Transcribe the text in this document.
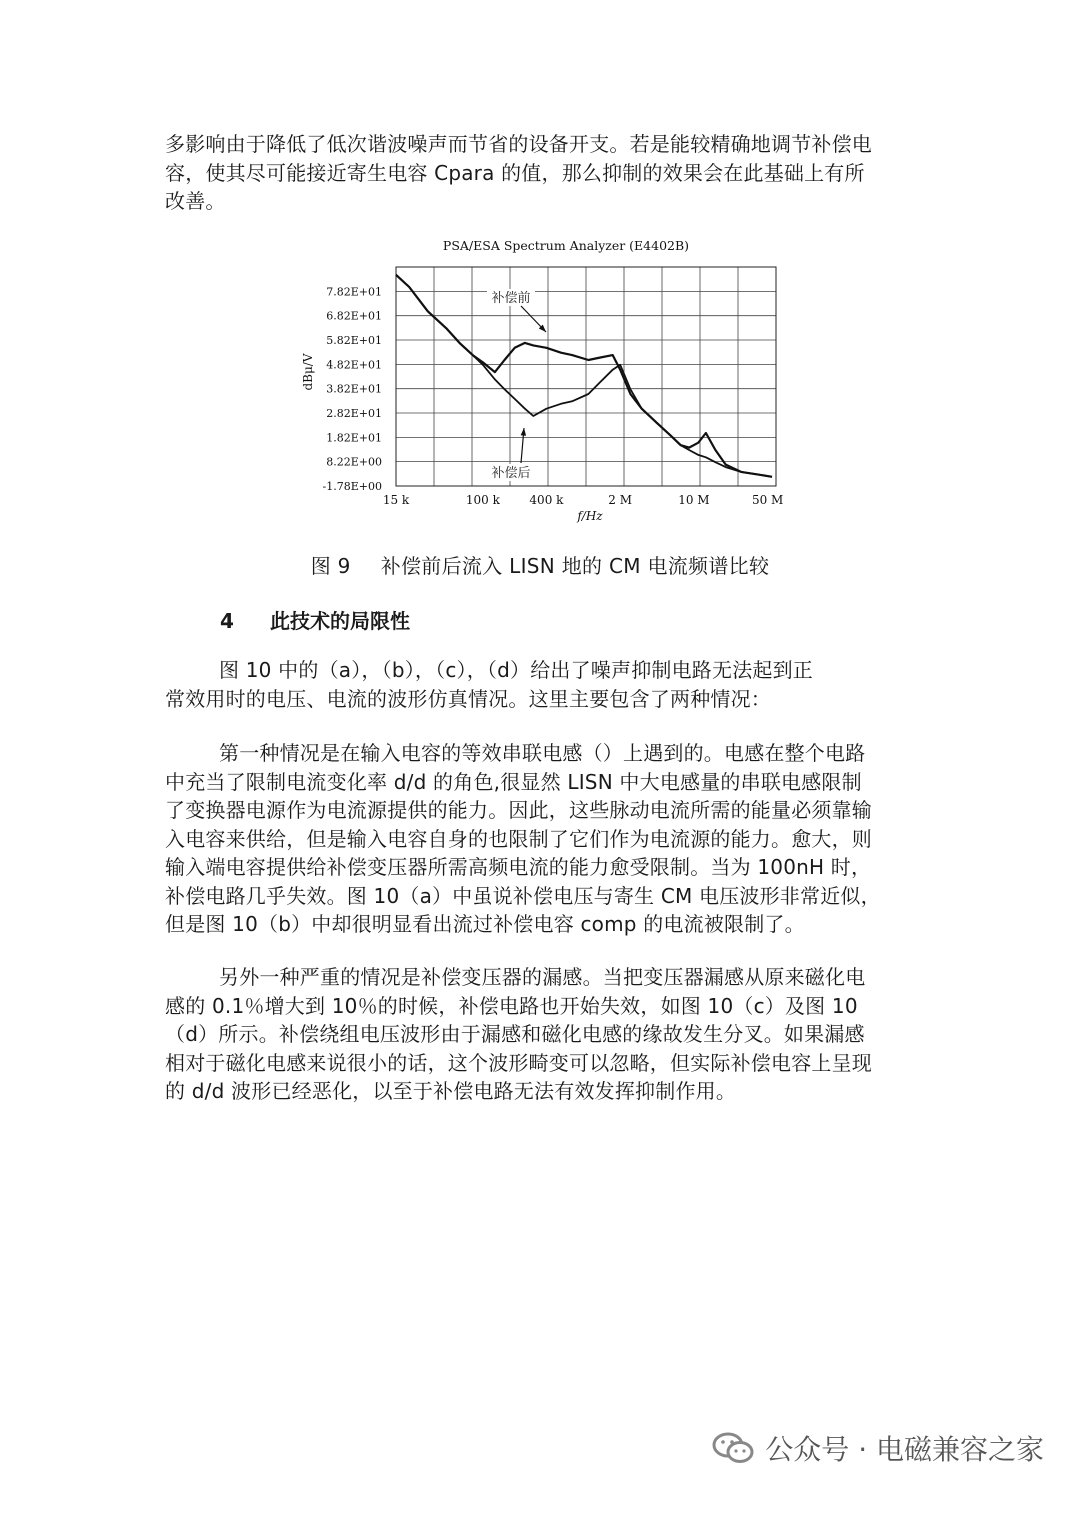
多影响由于降低了低次谐波噪声而节省的设备开支。若是能较精确地调节补偿电
容，使其尽可能接近寄生电容 Cpara 的值，那么抑制的效果会在此基础上有所
改善。

PSA/ESA Spectrum Analyzer (E4402B)
-1.78E+00
8.22E+00
1.82E+01
2.82E+01
3.82E+01
4.82E+01
5.82E+01
6.82E+01
7.82E+01
15 k	100 k 400 k	2 M	10 M	50 M
dBμ/V
f/Hz
补偿前
补偿后
图 9 补偿前后流入 LISN 地的 CM 电流频谱比较
4 此技术的局限性

图 10 中的（a），（b），（c），（d）给出了噪声抑制电路无法起到正
常效用时的电压、电流的波形仿真情况。这里主要包含了两种情况：

第一种情况是在输入电容的等效串联电感（）上遇到的。电感在整个电路
中充当了限制电流变化率 d/d 的角色,很显然 LISN 中大电感量的串联电感限制
了变换器电源作为电流源提供的能力。因此，这些脉动电流所需的能量必须靠输
入电容来供给，但是输入电容自身的也限制了它们作为电流源的能力。愈大，则
输入端电容提供给补偿变压器所需高频电流的能力愈受限制。当为 100nH 时，
补偿电路几乎失效。图 10（a）中虽说补偿电压与寄生 CM 电压波形非常近似，
但是图 10（b）中却很明显看出流过补偿电容 comp 的电流被限制了。

另外一种严重的情况是补偿变压器的漏感。当把变压器漏感从原来磁化电
感的 0.1％增大到 10％的时候，补偿电路也开始失效，如图 10（c）及图 10
（d）所示。补偿绕组电压波形由于漏感和磁化电感的缘故发生分叉。如果漏感
相对于磁化电感来说很小的话，这个波形畸变可以忽略，但实际补偿电容上呈现
的 d/d 波形已经恶化，以至于补偿电路无法有效发挥抑制作用。

公众号 · 电磁兼容之家
